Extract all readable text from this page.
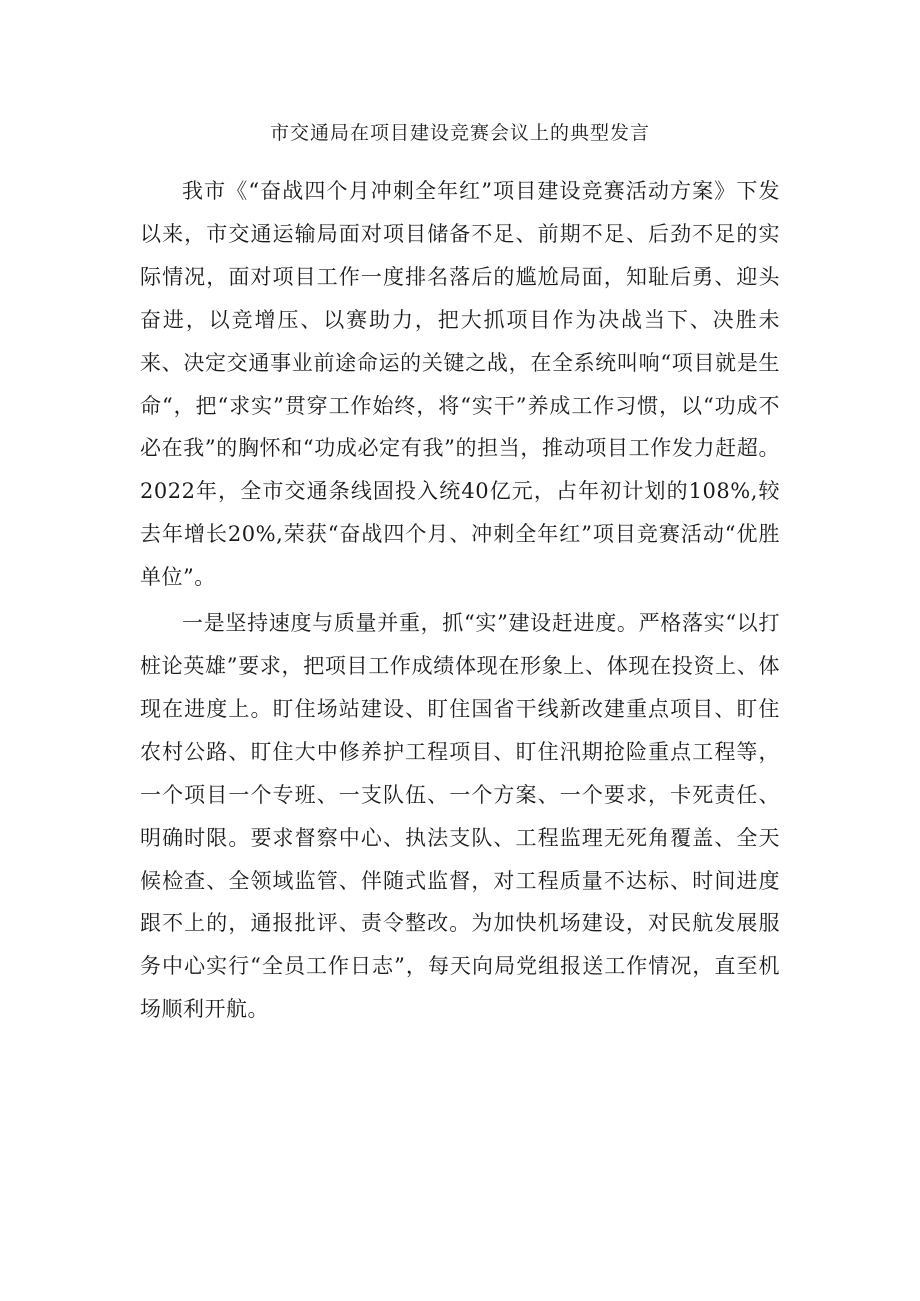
市交通局在项目建设竞赛会议上的典型发言

我市《“奋战四个月冲刺全年红”项目建设竞赛活动方案》下发以来，市交通运输局面对项目储备不足、前期不足、后劲不足的实际情况，面对项目工作一度排名落后的尴尬局面，知耻后勇、迎头奋进，以竞增压、以赛助力，把大抓项目作为决战当下、决胜未来、决定交通事业前途命运的关键之战，在全系统叫响“项目就是生命“，把“求实”贯穿工作始终，将“实干”养成工作习惯，以“功成不必在我”的胸怀和“功成必定有我”的担当，推动项目工作发力赶超。2022年，全市交通条线固投入统40亿元，占年初计划的108%,较去年增长20%,荣获“奋战四个月、冲刺全年红”项目竞赛活动“优胜单位”。

一是坚持速度与质量并重，抓“实”建设赶进度。严格落实“以打桩论英雄”要求，把项目工作成绩体现在形象上、体现在投资上、体现在进度上。盯住场站建设、盯住国省干线新改建重点项目、盯住农村公路、盯住大中修养护工程项目、盯住汛期抢险重点工程等，一个项目一个专班、一支队伍、一个方案、一个要求，卡死责任、明确时限。要求督察中心、执法支队、工程监理无死角覆盖、全天候检查、全领域监管、伴随式监督，对工程质量不达标、时间进度跟不上的，通报批评、责令整改。为加快机场建设，对民航发展服务中心实行“全员工作日志”，每天向局党组报送工作情况，直至机场顺利开航。
